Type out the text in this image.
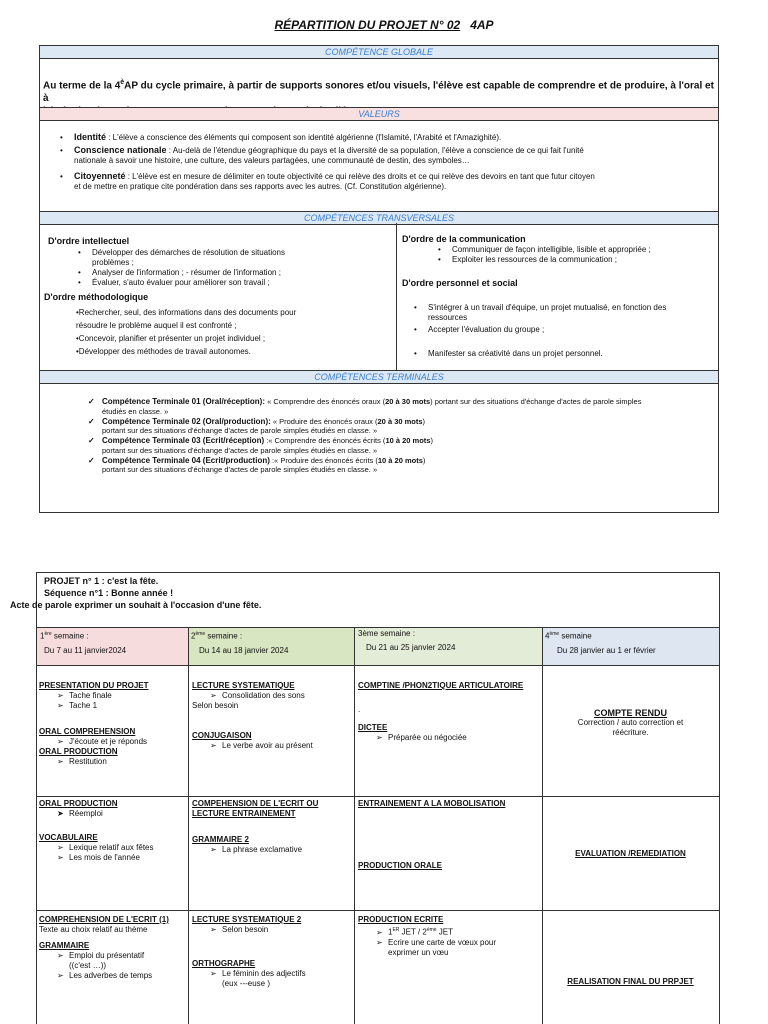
RÉPARTITION DU PROJET N° 02 4AP
COMPÉTENCE GLOBALE
Au terme de la $4^èAP$ du cycle primaire, à partir de supports sonores et/ou visuels, l'élève est capable de comprendre et de produire, à l'oral et à

VALEURS
• Identité : L'élève a conscience des éléments qui composent son identité algérienne (l'Islamité, l'Arabité et l'Amazighité).
• Conscience nationale : Au-delà de l'étendue géographique du pays et la diversité de sa population, l'élève a conscience de ce qui fait l'unité
nationale à savoir une histoire, une culture, des valeurs partagées, une communauté de destin, des symboles…
• Citoyenneté : L'élève est en mesure de délimiter en toute objectivité ce qui relève des droits et ce qui relève des devoirs en tant que futur citoyen
et de mettre en pratique cite pondération dans ses rapports avec les autres. (Cf. Constitution algérienne).
COMPÉTENCES TRANSVERSALES
D'ordre intellectuel
• Développer des démarches de résolution de situations
problèmes ;
• Analyser de l'information ; - résumer de l'information ;
• Évaluer, s'auto évaluer pour améliorer son travail ;
D'ordre méthodologique
•Rechercher, seul, des informations dans des documents pour
résoudre le problème auquel il est confronté ;
•Concevoir, planifier et présenter un projet individuel ;
•Développer des méthodes de travail autonomes.
D'ordre de la communication
• Communiquer de façon intelligible, lisible et appropriée ;
• Exploiter les ressources de la communication ;
D'ordre personnel et social
• S'intégrer à un travail d'équipe, un projet mutualisé, en fonction des
ressources
• Accepter l'évaluation du groupe ;
• Manifester sa créativité dans un projet personnel.
COMPÉTENCES TERMINALES
✓ Compétence Terminale 01 (Oral/réception): « Comprendre des énoncés oraux (20 à 30 mots) portant sur des situations d'échange d'actes de parole simples
étudiés en classe. »
✓ Compétence Terminale 02 (Oral/production): « Produire des énoncés oraux (20 à 30 mots)
portant sur des situations d'échange d'actes de parole simples étudiés en classe. »
✓ Compétence Terminale 03 (Ecrit/réception) :« Comprendre des énoncés écrits (10 à 20 mots)
portant sur des situations d'échange d'actes de parole simples étudiés en classe. »
✓ Compétence Terminale 04 (Ecrit/production) :« Produire des énoncés écrits (10 à 20 mots)
portant sur des situations d'échange d'actes de parole simples étudiés en classe. »
PROJET n° 1 : c'est la fête.
Séquence n°1 : Bonne année !
Acte de parole exprimer un souhait à l'occasion d'une fête.
1ère semaine :
Du 7 au 11 janvier2024
2ème semaine :
Du 14 au 18 janvier 2024
3ème semaine :
Du 21 au 25 janvier 2024
4ème semaine
Du 28 janvier au 1 er février
PRESENTATION DU PROJET
➢ Tache finale
➢ Tache 1
ORAL COMPREHENSION
➢ J'écoute et je réponds
ORAL PRODUCTION
➢ Restitution
LECTURE SYSTEMATIQUE
➢ Consolidation des sons
Selon besoin
CONJUGAISON
➢ Le verbe avoir au présent
COMPTINE /PHON2TIQUE ARTICULATOIRE
.
DICTEE
➢ Préparée ou négociée
COMPTE RENDU
Correction / auto correction et
réécriture.
ORAL PRODUCTION
➤ Réemploi
VOCABULAIRE
➢ Lexique relatif aux fêtes
➢ Les mois de l'année
COMPEHENSION DE L'ECRIT OU
LECTURE ENTRAINEMENT
GRAMMAIRE 2
➢ La phrase exclamative
ENTRAINEMENT A LA MOBOLISATION
PRODUCTION ORALE
EVALUATION /REMEDIATION
COMPREHENSION DE L'ECRIT (1)
Texte au choix relatif au thème
GRAMMAIRE
➢ Emploi du présentatif
((c'est …))
➢ Les adverbes de temps
LECTURE SYSTEMATIQUE 2
➢ Selon besoin
ORTHOGRAPHE
➢ Le féminin des adjectifs
(eux ---euse )
PRODUCTION ECRITE
➢ 1ER JET / 2ème JET
➢ Ecrire une carte de vœux pour
exprimer un vœu
REALISATION FINAL DU PRPJET
